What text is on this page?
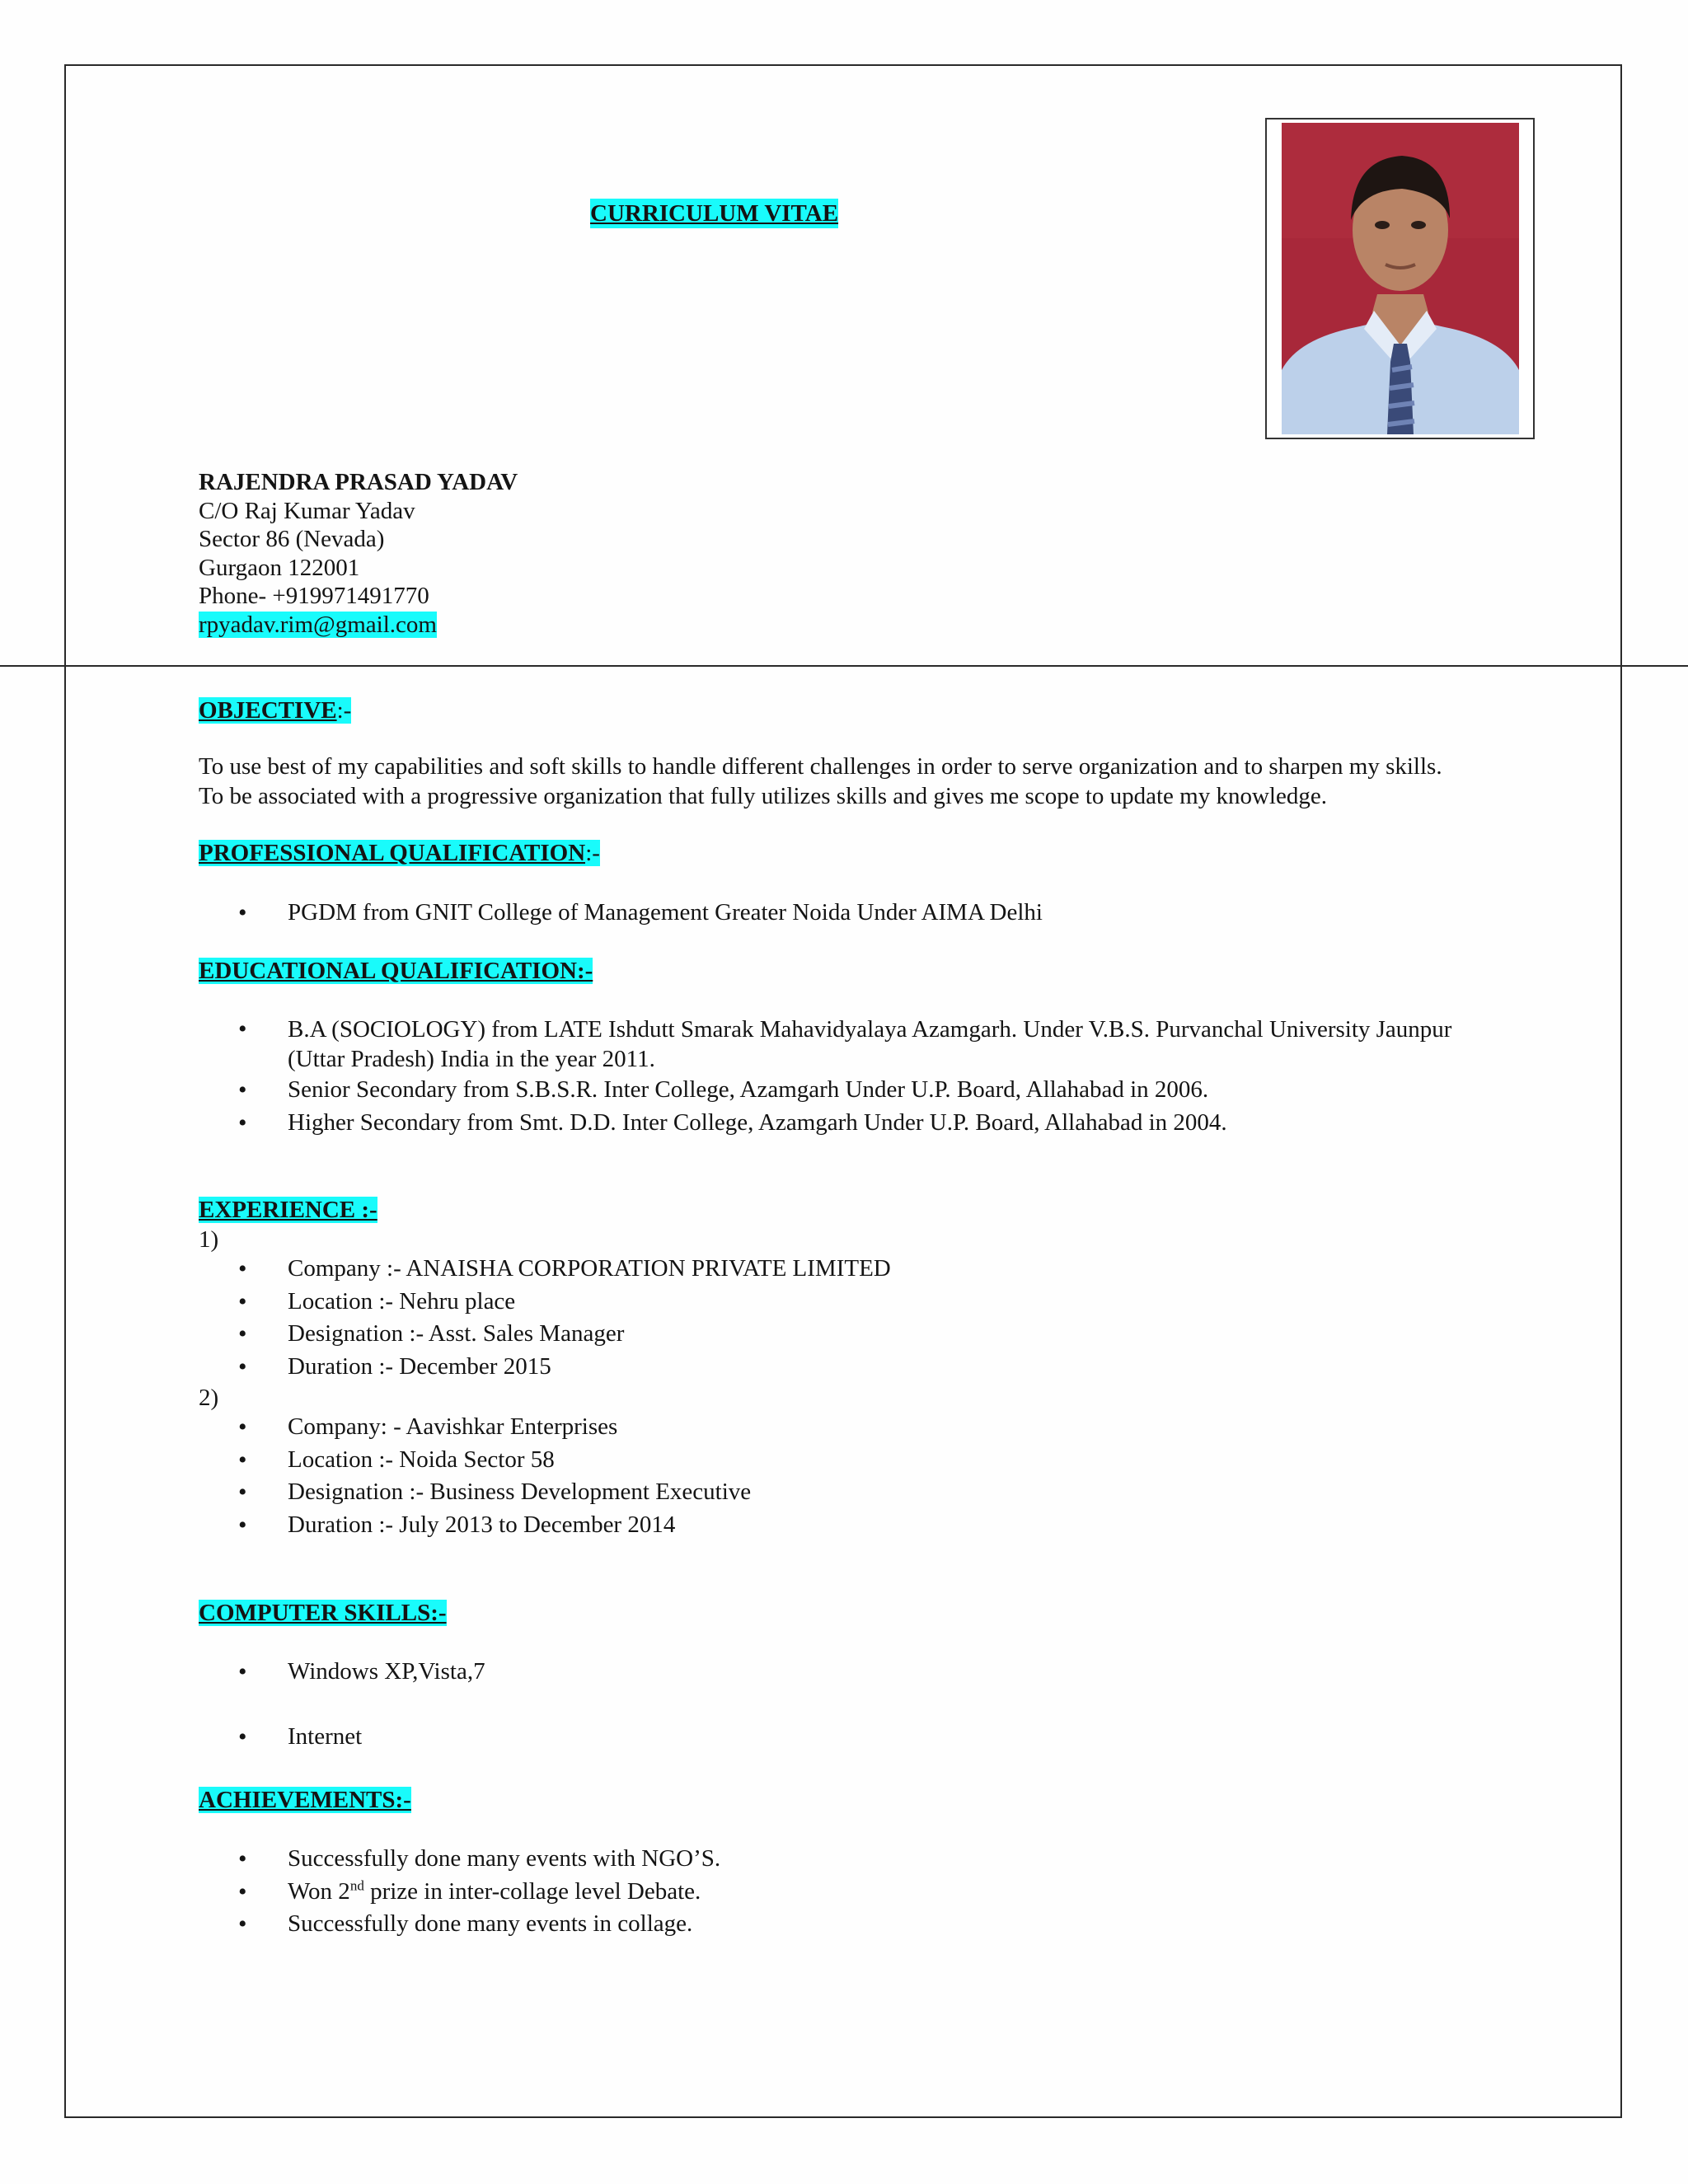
CURRICULUM VITAE
RAJENDRA PRASAD YADAV
C/O Raj Kumar Yadav
Sector 86 (Nevada)
Gurgaon 122001
Phone- +919971491770
rpyadav.rim@gmail.com
OBJECTIVE:-
To use best of my capabilities and soft skills to handle different challenges in order to serve organization and to sharpen my skills. To be associated with a progressive organization that fully utilizes skills and gives me scope to update my knowledge.
PROFESSIONAL QUALIFICATION:-
• PGDM from GNIT College of Management Greater Noida Under AIMA Delhi
EDUCATIONAL QUALIFICATION:-
• B.A (SOCIOLOGY) from LATE Ishdutt Smarak Mahavidyalaya Azamgarh. Under V.B.S. Purvanchal University Jaunpur (Uttar Pradesh) India in the year 2011.
• Senior Secondary from S.B.S.R. Inter College, Azamgarh Under U.P. Board, Allahabad in 2006.
• Higher Secondary from Smt. D.D. Inter College, Azamgarh Under U.P. Board, Allahabad in 2004.
EXPERIENCE :-
1)
• Company :- ANAISHA CORPORATION PRIVATE LIMITED
• Location :- Nehru place
• Designation :- Asst. Sales Manager
• Duration :- December 2015
2)
• Company: - Aavishkar Enterprises
• Location :- Noida Sector 58
• Designation :- Business Development Executive
• Duration :- July 2013 to December 2014
COMPUTER SKILLS:-
• Windows XP,Vista,7
• Internet
ACHIEVEMENTS:-
• Successfully done many events with NGO’S.
• Won 2nd prize in inter-collage level Debate.
• Successfully done many events in collage.
